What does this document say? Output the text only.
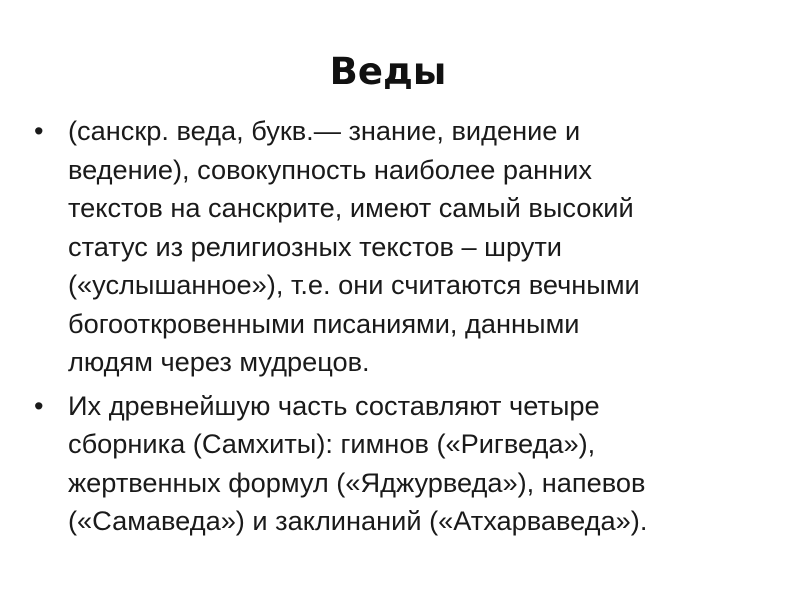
Веды
• (санскр. веда, букв.— знание, видение и
ведение), совокупность наиболее ранних
текстов на санскрите, имеют самый высокий
статус из религиозных текстов – шрути
(«услышанное»), т.е. они считаются вечными
богооткровенными писаниями, данными
людям через мудрецов.
• Их древнейшую часть составляют четыре
сборника (Самхиты): гимнов («Ригведа»),
жертвенных формул («Яджурведа»), напевов
(«Самаведа») и заклинаний («Атхарваведа»).
